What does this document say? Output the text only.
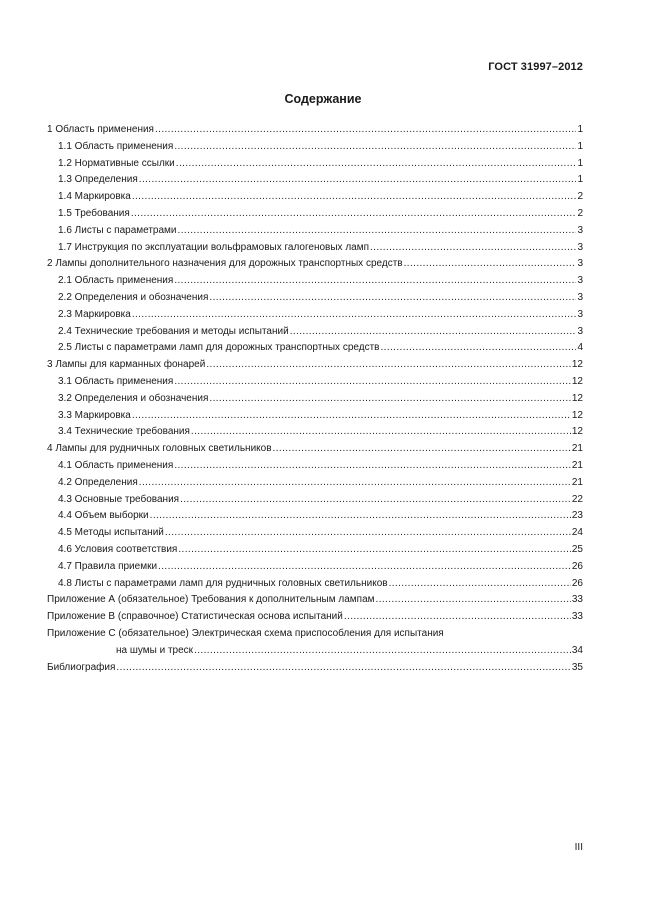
ГОСТ 31997–2012
Содержание
1 Область применения .....	1
1.1 Область применения .....	1
1.2 Нормативные ссылки .....	1
1.3 Определения .....	1
1.4 Маркировка .....	2
1.5 Требования .....	2
1.6 Листы с параметрами .....	3
1.7 Инструкция по эксплуатации вольфрамовых галогеновых ламп .....	3
2 Лампы дополнительного назначения для дорожных транспортных средств .....	3
2.1 Область применения .....	3
2.2 Определения и обозначения .....	3
2.3 Маркировка .....	3
2.4 Технические требования и методы испытаний .....	3
2.5 Листы с параметрами ламп для дорожных транспортных средств .....	4
3 Лампы для карманных фонарей .....	12
3.1 Область применения .....	12
3.2 Определения и обозначения .....	12
3.3 Маркировка .....	12
3.4 Технические требования .....	12
4 Лампы для рудничных головных светильников .....	21
4.1 Область применения .....	21
4.2 Определения .....	21
4.3 Основные требования .....	22
4.4 Объем выборки .....	23
4.5 Методы испытаний .....	24
4.6 Условия соответствия .....	25
4.7 Правила приемки .....	26
4.8 Листы с параметрами ламп для рудничных головных светильников .....	26
Приложение А (обязательное) Требования к дополнительным лампам .....	33
Приложение В (справочное) Статистическая основа испытаний .....	33
Приложение С (обязательное) Электрическая схема приспособления для испытания
на шумы и треск .....	34
Библиография .....	35
III
